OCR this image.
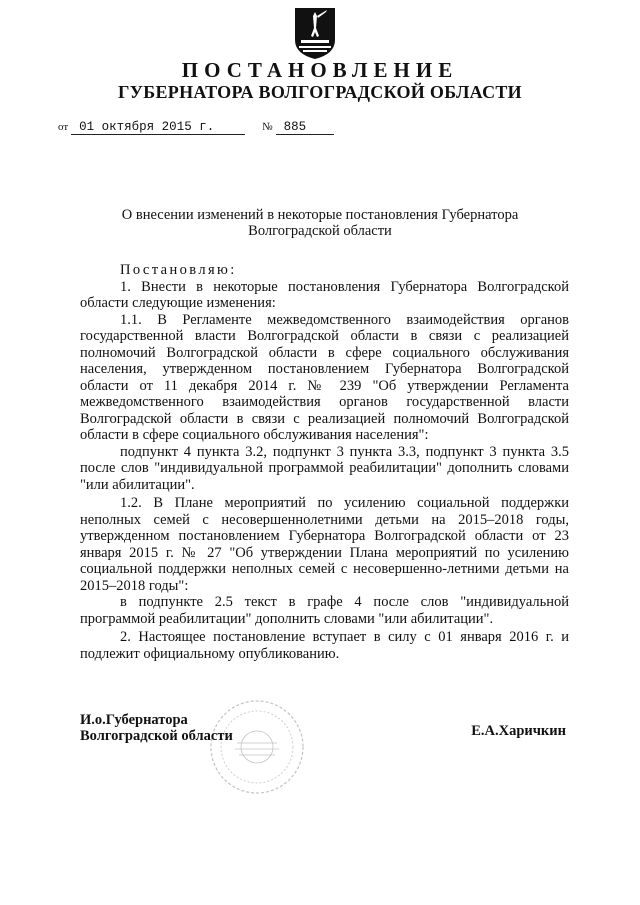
ПОСТАНОВЛЕНИЕ
ГУБЕРНАТОРА ВОЛГОГРАДСКОЙ ОБЛАСТИ
от 01 октября 2015 г.	№ 885
О внесении изменений в некоторые постановления Губернатора
Волгоградской области

Постановляю:

1. Внести в некоторые постановления Губернатора Волгоградской области следующие изменения:

1.1. В Регламенте межведомственного взаимодействия органов государственной власти Волгоградской области в связи с реализацией полномочий Волгоградской области в сфере социального обслуживания населения, утвержденном постановлением Губернатора Волгоградской области от 11 декабря 2014 г. № 239 "Об утверждении Регламента межведомственного взаимодействия органов государственной власти Волгоградской области в связи с реализацией полномочий Волгоградской области в сфере социального обслуживания населения":

подпункт 4 пункта 3.2, подпункт 3 пункта 3.3, подпункт 3 пункта 3.5 после слов "индивидуальной программой реабилитации" дополнить словами "или абилитации".

1.2. В Плане мероприятий по усилению социальной поддержки неполных семей с несовершеннолетними детьми на 2015–2018 годы, утвержденном постановлением Губернатора Волгоградской области от 23 января 2015 г. № 27 "Об утверждении Плана мероприятий по усилению социальной поддержки неполных семей с несовершенно-летними детьми на 2015–2018 годы":

в подпункте 2.5 текст в графе 4 после слов "индивидуальной программой реабилитации" дополнить словами "или абилитации".

2. Настоящее постановление вступает в силу с 01 января 2016 г. и подлежит официальному опубликованию.

И.о.Губернатора
Волгоградской области	Е.А.Харичкин
